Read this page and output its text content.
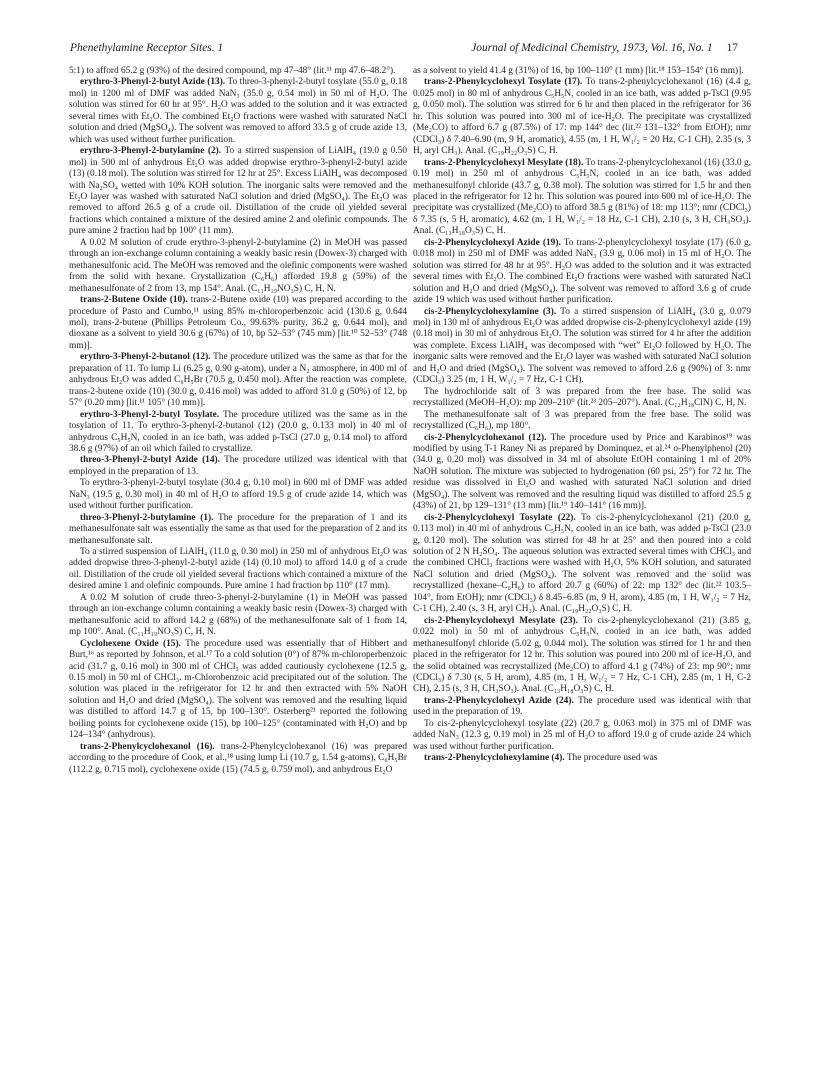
Phenethylamine Receptor Sites. 1	Journal of Medicinal Chemistry, 1973, Vol. 16, No. 1 17

5:1) to afford 65.2 g (93%) of the desired compound, mp 47–48° (lit.¹¹ mp 47.6–48.2°).

erythro-3-Phenyl-2-butyl Azide (13). To threo-3-phenyl-2-butyl tosylate (55.0 g, 0.18 mol) in 1200 ml of DMF was added NaN₃ (35.0 g, 0.54 mol) in 50 ml of H₂O. The solution was stirred for 60 hr at 95°. H₂O was added to the solution and it was extracted several times with Et₂O. The combined Et₂O fractions were washed with saturated NaCl solution and dried (MgSO₄). The solvent was removed to afford 33.5 g of crude azide 13, which was used without further purification.

erythro-3-Phenyl-2-butylamine (2). To a stirred suspension of LiAlH₄ (19.0 g 0.50 mol) in 500 ml of anhydrous Et₂O was added dropwise erythro-3-phenyl-2-butyl azide (13) (0.18 mol). The solution was stirred for 12 hr at 25°. Excess LiAlH₄ was decomposed with Na₂SO₄ wetted with 10% KOH solution. The inorganic salts were removed and the Et₂O layer was washed with saturated NaCl solution and dried (MgSO₄). The Et₂O was removed to afford 26.5 g of a crude oil. Distillation of the crude oil yielded several fractions which contained a mixture of the desired amine 2 and olefinic compounds. The pure amine 2 fraction had bp 100° (11 mm).

A 0.02 M solution of crude erythro-3-phenyl-2-butylamine (2) in MeOH was passed through an ion-exchange column containing a weakly basic resin (Dowex-3) charged with methanesulfonic acid. The MeOH was removed and the olefinic components were washed from the solid with hexane. Crystallization (C₆H₆) afforded 19.8 g (59%) of the methanesulfonate of 2 from 13, mp 154°. Anal. (C₁₁H₁₉NO₃S) C, H, N.

trans-2-Butene Oxide (10). trans-2-Butene oxide (10) was prepared according to the procedure of Pasto and Cumbo,¹¹ using 85% m-chloroperbenzoic acid (130.6 g, 0.644 mol), trans-2-butene (Phillips Petroleum Co., 99.63% purity, 36.2 g, 0.644 mol), and dioxane as a solvent to yield 30.6 g (67%) of 10, bp 52–53° (745 mm) [lit.¹⁰ 52–53° (748 mm)].

erythro-3-Phenyl-2-butanol (12). The procedure utilized was the same as that for the preparation of 11. To lump Li (6.25 g, 0.90 g-atom), under a N₂ atmosphere, in 400 ml of anhydrous Et₂O was added C₆H₅Br (70.5 g, 0.450 mol). After the reaction was complete, trans-2-butene oxide (10) (30.0 g, 0.416 mol) was added to afford 31.0 g (50%) of 12, bp 57° (0.20 mm) [lit.¹¹ 105° (10 mm)].

erythro-3-Phenyl-2-butyl Tosylate. The procedure utilized was the same as in the tosylation of 11. To erythro-3-phenyl-2-butanol (12) (20.0 g, 0.133 mol) in 40 ml of anhydrous C₅H₅N, cooled in an ice bath, was added p-TsCl (27.0 g, 0.14 mol) to afford 38.6 g (97%) of an oil which failed to crystallize.

threo-3-Phenyl-2-butyl Azide (14). The procedure utilized was identical with that employed in the preparation of 13.

To erythro-3-phenyl-2-butyl tosylate (30.4 g, 0.10 mol) in 600 ml of DMF was added NaN₃ (19.5 g, 0.30 mol) in 40 ml of H₂O to afford 19.5 g of crude azide 14, which was used without further purification.

threo-3-Phenyl-2-butylamine (1). The procedure for the preparation of 1 and its methanesulfonate salt was essentially the same as that used for the preparation of 2 and its methanesulfonate salt.

To a stirred suspension of LiAlH₄ (11.0 g, 0.30 mol) in 250 ml of anhydrous Et₂O was added dropwise threo-3-phenyl-2-butyl azide (14) (0.10 mol) to afford 14.0 g of a crude oil. Distillation of the crude oil yielded several fractions which contained a mixture of the desired amine 1 and olefinic compounds. Pure amine 1 had fraction bp 110° (17 mm).

A 0.02 M solution of crude threo-3-phenyl-2-butylamine (1) in MeOH was passed through an ion-exchange column containing a weakly basic resin (Dowex-3) charged with methanesulfonic acid to afford 14.2 g (68%) of the methanesulfonate salt of 1 from 14, mp 100°. Anal. (C₁₁H₁₉NO₃S) C, H, N.

Cyclohexene Oxide (15). The procedure used was essentially that of Hibbert and Burt,¹⁶ as reported by Johnson, et al.¹⁷ To a cold solution (0°) of 87% m-chloroperbenzoic acid (31.7 g, 0.16 mol) in 300 ml of CHCl₃ was added cautiously cyclohexene (12.5 g, 0.15 mol) in 50 ml of CHCl₃. m-Chlorobenzoic acid precipitated out of the solution. The solution was placed in the refrigerator for 12 hr and then extracted with 5% NaOH solution and H₂O and dried (MgSO₄). The solvent was removed and the resulting liquid was distilled to afford 14.7 g of 15, bp 100–130°. Osterberg²¹ reported the following boiling points for cyclohexene oxide (15), bp 100–125° (contaminated with H₂O) and bp 124–134° (anhydrous).

trans-2-Phenylcyclohexanol (16). trans-2-Phenylcyclohexanol (16) was prepared according to the procedure of Cook, et al.,¹⁸ using lump Li (10.7 g, 1.54 g-atoms), C₆H₅Br (112.2 g, 0.715 mol), cyclohexene oxide (15) (74.5 g, 0.759 mol), and anhydrous Et₂O

as a solvent to yield 41.4 g (31%) of 16, bp 100–110° (1 mm) [lit.¹⁸ 153–154° (16 mm)].

trans-2-Phenylcyclohexyl Tosylate (17). To trans-2-phenylcyclohexanol (16) (4.4 g, 0.025 mol) in 80 ml of anhydrous C₅H₅N, cooled in an ice bath, was added p-TsCl (9.95 g, 0.050 mol). The solution was stirred for 6 hr and then placed in the refrigerator for 36 hr. This solution was poured into 300 ml of ice-H₂O. The precipitate was crystallized (Me₂CO) to afford 6.7 g (87.5%) of 17: mp 144° dec (lit.²² 131–132° from EtOH); nmr (CDCl₃) δ 7.40–6.90 (m, 9 H, aromatic), 4.55 (m, 1 H, W₁/₂ = 20 Hz, C-1 CH), 2.35 (s, 3 H, aryl CH₃). Anal. (C₁₉H₂₂O₃S) C, H.

trans-2-Phenylcyclohexyl Mesylate (18). To trans-2-phenylcyclohexanol (16) (33.0 g, 0.19 mol) in 250 ml of anhydrous C₅H₅N, cooled in an ice bath, was added methanesulfonyl chloride (43.7 g, 0.38 mol). The solution was stirred for 1.5 hr and then placed in the refrigerator for 12 hr. This solution was poured into 600 ml of ice-H₂O. The precipitate was crystallized (Me₂CO) to afford 38.5 g (81%) of 18: mp 113°; nmr (CDCl₃) δ 7.35 (s, 5 H, aromatic), 4.62 (m, 1 H, W₁/₂ = 18 Hz, C-1 CH), 2.10 (s, 3 H, CH₃SO₃). Anal. (C₁₃H₁₈O₃S) C, H.

cis-2-Phenylcyclohexyl Azide (19). To trans-2-phenylcyclohexyl tosylate (17) (6.0 g, 0.018 mol) in 250 ml of DMF was added NaN₃ (3.9 g, 0.06 mol) in 15 ml of H₂O. The solution was stirred for 48 hr at 95°. H₂O was added to the solution and it was extracted several times with Et₂O. The combined Et₂O fractions were washed with saturated NaCl solution and H₂O and dried (MgSO₄). The solvent was removed to afford 3.6 g of crude azide 19 which was used without further purification.

cis-2-Phenylcyclohexylamine (3). To a stirred suspension of LiAlH₄ (3.0 g, 0.079 mol) in 130 ml of anhydrous Et₂O was added dropwise cis-2-phenylcyclohexyl azide (19) (0.18 mol) in 30 ml of anhydrous Et₂O. The solution was stirred for 4 hr after the addition was complete. Excess LiAlH₄ was decomposed with “wet” Et₂O followed by H₂O. The inorganic salts were removed and the Et₂O layer was washed with saturated NaCl solution and H₂O and dried (MgSO₄). The solvent was removed to afford 2.6 g (90%) of 3: nmr (CDCl₃) 3.25 (m, 1 H, W₁/₂ = 7 Hz, C-1 CH).

The hydrochloride salt of 3 was prepared from the free base. The solid was recrystallized (MeOH–H₂O): mp 209–210° (lit.²³ 205–207°). Anal. (C₁₂H₁₈ClN) C, H, N.

The methanesulfonate salt of 3 was prepared from the free base. The solid was recrystallized (C₆H₆), mp 180°.

cis-2-Phenylcyclohexanol (12). The procedure used by Price and Karabinos¹⁹ was modified by using T-1 Raney Ni as prepared by Dominquez, et al.²⁴ o-Phenylphenol (20) (34.0 g, 0.20 mol) was dissolved in 34 ml of absolute EtOH containing 1 ml of 20% NaOH solution. The mixture was subjected to hydrogenation (60 psi, 25°) for 72 hr. The residue was dissolved in Et₂O and washed with saturated NaCl solution and dried (MgSO₄). The solvent was removed and the resulting liquid was distilled to afford 25.5 g (43%) of 21, bp 129–131° (13 mm) [lit.¹⁹ 140–141° (16 mm)].

cis-2-Phenylcyclohexyl Tosylate (22). To cis-2-phenylcyclohexanol (21) (20.0 g, 0.113 mol) in 40 ml of anhydrous C₅H₅N, cooled in an ice bath, was added p-TsCl (23.0 g, 0.120 mol). The solution was stirred for 48 hr at 25° and then poured into a cold solution of 2 N H₂SO₄. The aqueous solution was extracted several times with CHCl₃ and the combined CHCl₃ fractions were washed with H₂O, 5% KOH solution, and saturated NaCl solution and dried (MgSO₄). The solvent was removed and the solid was recrystallized (hexane–C₆H₆) to afford 20.7 g (60%) of 22: mp 132° dec (lit.²² 103.5–104°, from EtOH); nmr (CDCl₃) δ 8.45–6.85 (m, 9 H, arom), 4.85 (m, 1 H, W₁/₂ = 7 Hz, C-1 CH), 2.40 (s, 3 H, aryl CH₃). Anal. (C₁₉H₂₂O₃S) C, H.

cis-2-Phenylcyclohexyl Mesylate (23). To cis-2-phenylcyclohexanol (21) (3.85 g, 0.022 mol) in 50 ml of anhydrous C₅H₅N, cooled in an ice bath, was added methanesulfonyl chloride (5.02 g, 0.044 mol). The solution was stirred for 1 hr and then placed in the refrigerator for 12 hr. This solution was poured into 200 ml of ice-H₂O, and the solid obtained was recrystallized (Me₂CO) to afford 4.1 g (74%) of 23: mp 90°; nmr (CDCl₃) δ 7.30 (s, 5 H, arom), 4.85 (m, 1 H, W₁/₂ = 7 Hz, C-1 CH), 2.85 (m, 1 H, C-2 CH), 2.15 (s, 3 H, CH₃SO₃). Anal. (C₁₃H₁₈O₃S) C, H.

trans-2-Phenylcyclohexyl Azide (24). The procedure used was identical with that used in the preparation of 19.

To cis-2-phenylcyclohexyl tosylate (22) (20.7 g, 0.063 mol) in 375 ml of DMF was added NaN₃ (12.3 g, 0.19 mol) in 25 ml of H₂O to afford 19.0 g of crude azide 24 which was used without further purification.

trans-2-Phenylcyclohexylamine (4). The procedure used was
